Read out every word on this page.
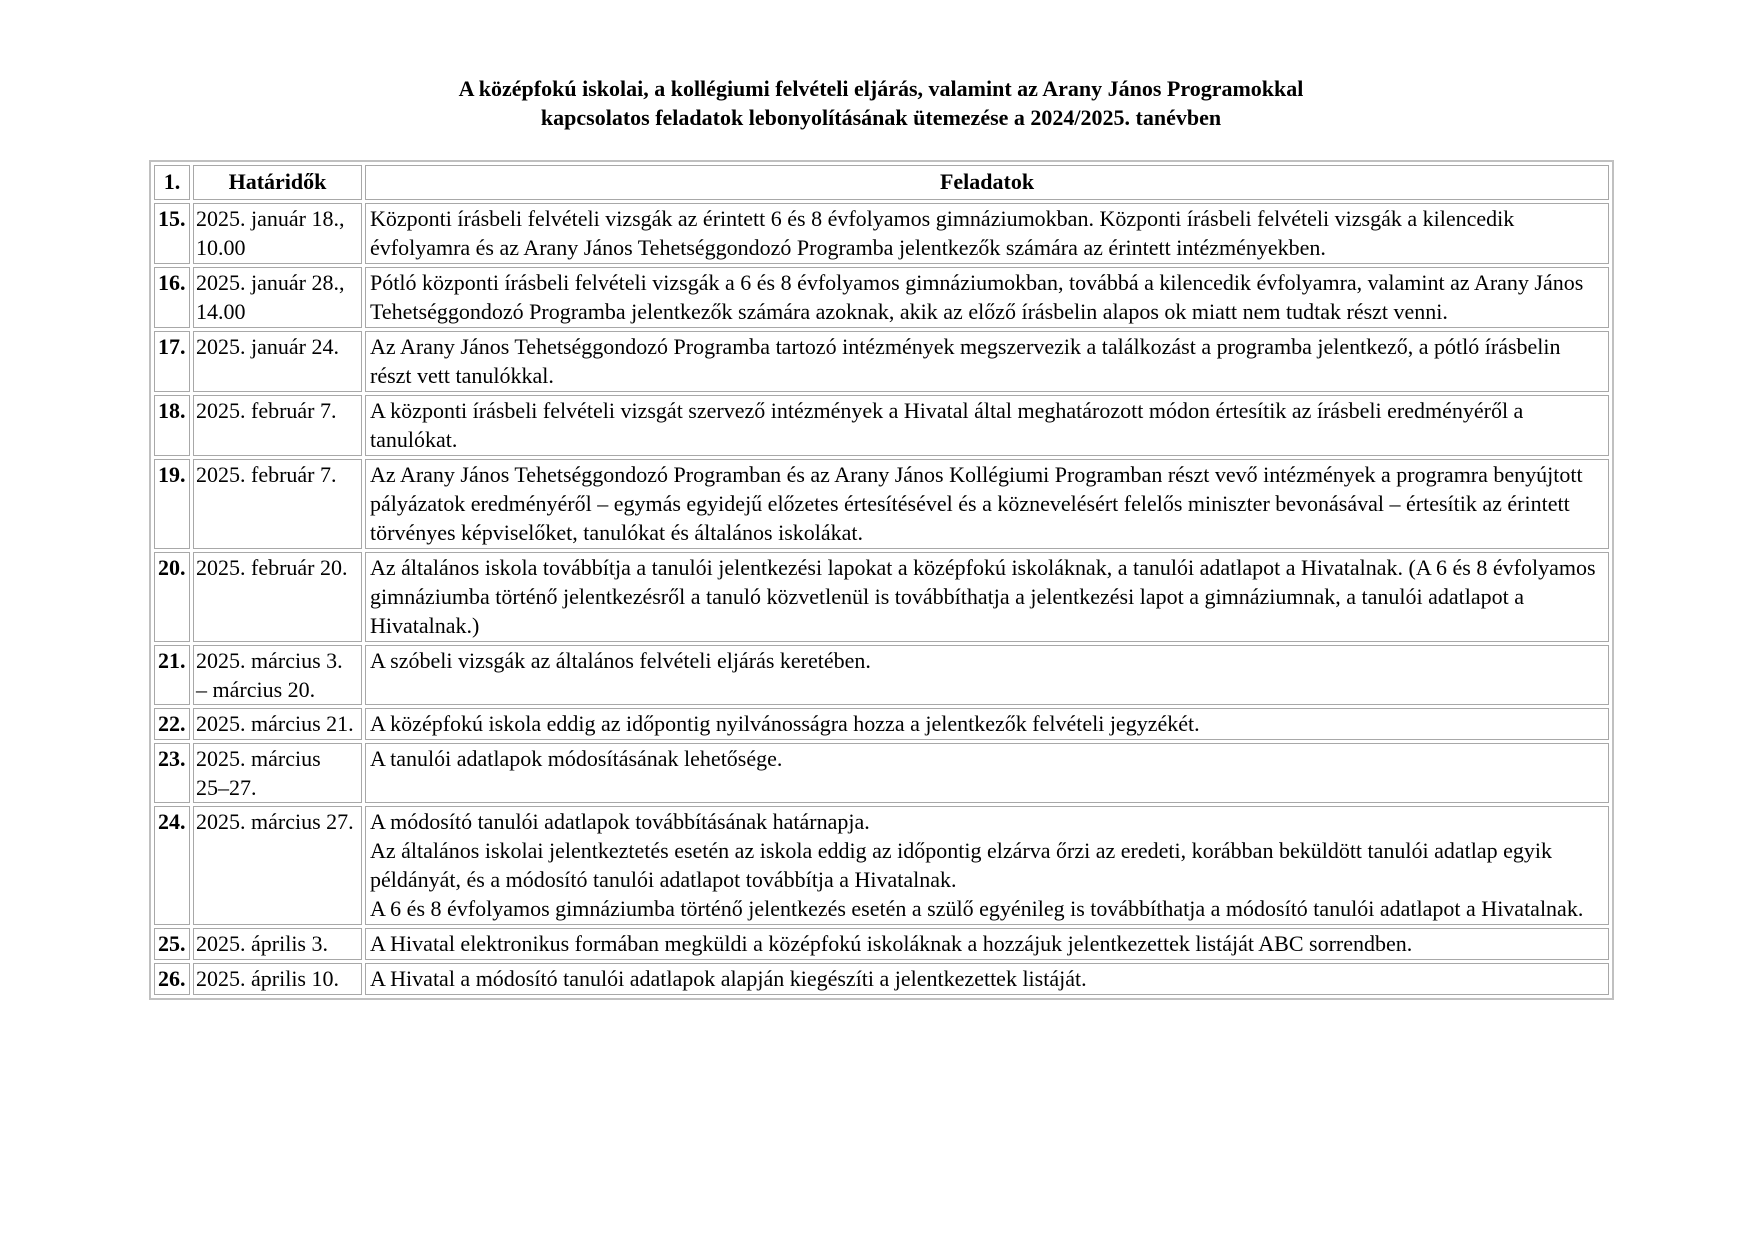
A középfokú iskolai, a kollégiumi felvételi eljárás, valamint az Arany János Programokkal
kapcsolatos feladatok lebonyolításának ütemezése a 2024/2025. tanévben
1.	Határidők	Feladatok
15.	2025. január 18., 10.00	Központi írásbeli felvételi vizsgák az érintett 6 és 8 évfolyamos gimnáziumokban. Központi írásbeli felvételi vizsgák a kilencedik évfolyamra és az Arany János Tehetséggondozó Programba jelentkezők számára az érintett intézményekben.

16.	2025. január 28., 14.00	Pótló központi írásbeli felvételi vizsgák a 6 és 8 évfolyamos gimnáziumokban, továbbá a kilencedik évfolyamra, valamint az Arany János Tehetséggondozó Programba jelentkezők számára azoknak, akik az előző írásbelin alapos ok miatt nem tudtak részt venni.

17.	2025. január 24.	Az Arany János Tehetséggondozó Programba tartozó intézmények megszervezik a találkozást a programba jelentkező, a pótló írásbelin részt vett tanulókkal.

18.	2025. február 7.	A központi írásbeli felvételi vizsgát szervező intézmények a Hivatal által meghatározott módon értesítik az írásbeli eredményéről a tanulókat.

19.	2025. február 7.	Az Arany János Tehetséggondozó Programban és az Arany János Kollégiumi Programban részt vevő intézmények a programra benyújtott pályázatok eredményéről – egymás egyidejű előzetes értesítésével és a köznevelésért felelős miniszter bevonásával – értesítik az érintett törvényes képviselőket, tanulókat és általános iskolákat.

20.	2025. február 20.	Az általános iskola továbbítja a tanulói jelentkezési lapokat a középfokú iskoláknak, a tanulói adatlapot a Hivatalnak. (A 6 és 8 évfolyamos gimnáziumba történő jelentkezésről a tanuló közvetlenül is továbbíthatja a jelentkezési lapot a gimnáziumnak, a tanulói adatlapot a Hivatalnak.)

21.	2025. március 3. – március 20.	A szóbeli vizsgák az általános felvételi eljárás keretében.

22.	2025. március 21.	A középfokú iskola eddig az időpontig nyilvánosságra hozza a jelentkezők felvételi jegyzékét.

23.	2025. március 25–27.	A tanulói adatlapok módosításának lehetősége.

24.	2025. március 27.	A módosító tanulói adatlapok továbbításának határnapja.
Az általános iskolai jelentkeztetés esetén az iskola eddig az időpontig elzárva őrzi az eredeti, korábban beküldött tanulói adatlap egyik példányát, és a módosító tanulói adatlapot továbbítja a Hivatalnak.
A 6 és 8 évfolyamos gimnáziumba történő jelentkezés esetén a szülő egyénileg is továbbíthatja a módosító tanulói adatlapot a Hivatalnak.

25.	2025. április 3.	A Hivatal elektronikus formában megküldi a középfokú iskoláknak a hozzájuk jelentkezettek listáját ABC sorrendben.

26.	2025. április 10.	A Hivatal a módosító tanulói adatlapok alapján kiegészíti a jelentkezettek listáját.
